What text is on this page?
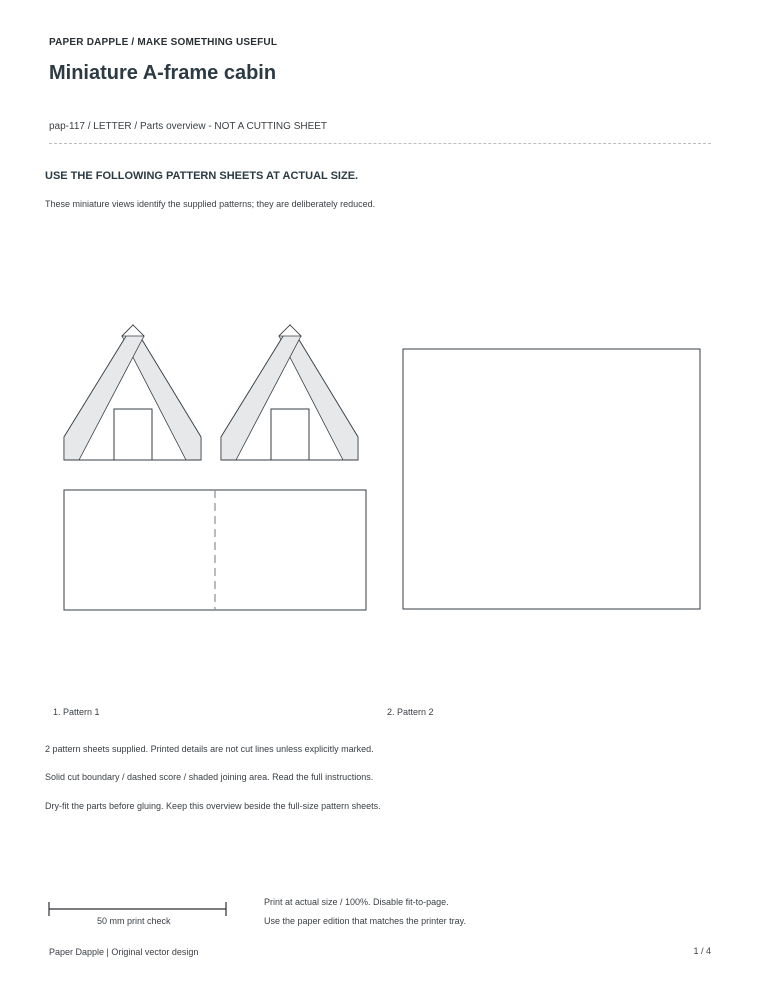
PAPER DAPPLE / MAKE SOMETHING USEFUL
Miniature A-frame cabin
pap-117 / LETTER / Parts overview - NOT A CUTTING SHEET
USE THE FOLLOWING PATTERN SHEETS AT ACTUAL SIZE.
These miniature views identify the supplied patterns; they are deliberately reduced.
1. Pattern 1	2. Pattern 2
2 pattern sheets supplied. Printed details are not cut lines unless explicitly marked.
Solid cut boundary / dashed score / shaded joining area. Read the full instructions.
Dry-fit the parts before gluing. Keep this overview beside the full-size pattern sheets.
50 mm print check
Print at actual size / 100%. Disable fit-to-page.
Use the paper edition that matches the printer tray.
Paper Dapple | Original vector design	1 / 4
